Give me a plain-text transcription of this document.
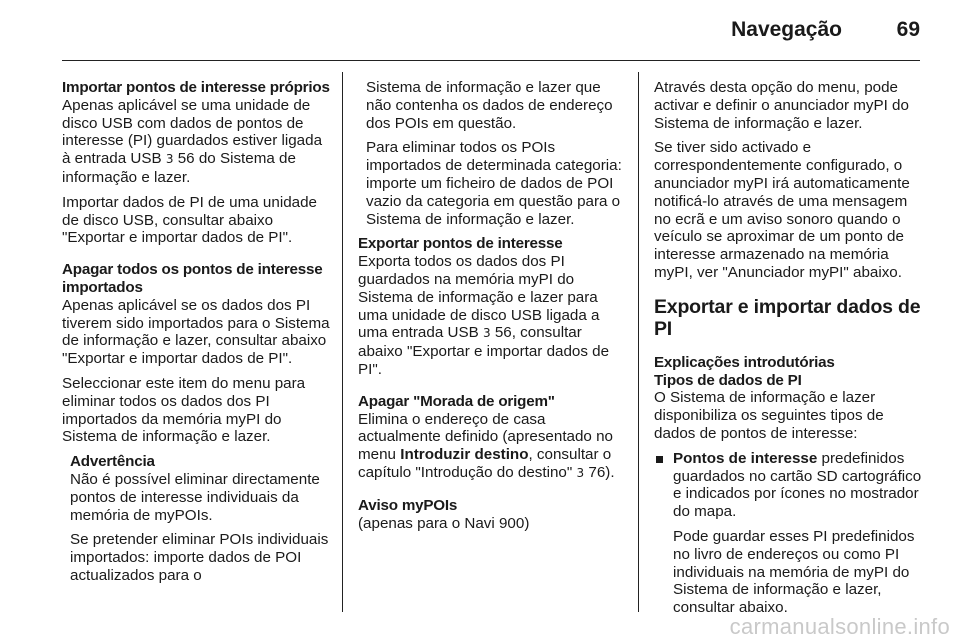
Navegação	69
Importar pontos de interesse próprios
Apenas aplicável se uma unidade de disco USB com dados de pontos de interesse (PI) guardados estiver ligada à entrada USB 3 56 do Sistema de informação e lazer.
Importar dados de PI de uma unidade de disco USB, consultar abaixo "Exportar e importar dados de PI".
Apagar todos os pontos de interesse importados
Apenas aplicável se os dados dos PI tiverem sido importados para o Sistema de informação e lazer, consultar abaixo "Exportar e importar dados de PI".
Seleccionar este item do menu para eliminar todos os dados dos PI importados da memória myPI do Sistema de informação e lazer.
Advertência
Não é possível eliminar directamente pontos de interesse individuais da memória de myPOIs.
Se pretender eliminar POIs individuais importados: importe dados de POI actualizados para o
Sistema de informação e lazer que não contenha os dados de endereço dos POIs em questão.
Para eliminar todos os POIs importados de determinada categoria: importe um ficheiro de dados de POI vazio da categoria em questão para o Sistema de informação e lazer.
Exportar pontos de interesse
Exporta todos os dados dos PI guardados na memória myPI do Sistema de informação e lazer para uma unidade de disco USB ligada a uma entrada USB 3 56, consultar abaixo "Exportar e importar dados de PI".
Apagar "Morada de origem"
Elimina o endereço de casa actualmente definido (apresentado no menu Introduzir destino, consultar o capítulo "Introdução do destino" 3 76).
Aviso myPOIs
(apenas para o Navi 900)
Através desta opção do menu, pode activar e definir o anunciador myPI do Sistema de informação e lazer.
Se tiver sido activado e correspondentemente configurado, o anunciador myPI irá automaticamente notificá-lo através de uma mensagem no ecrã e um aviso sonoro quando o veículo se aproximar de um ponto de interesse armazenado na memória myPI, ver "Anunciador myPI" abaixo.
Exportar e importar dados de PI
Explicações introdutórias
Tipos de dados de PI
O Sistema de informação e lazer disponibiliza os seguintes tipos de dados de pontos de interesse:
Pontos de interesse predefinidos guardados no cartão SD cartográfico e indicados por ícones no mostrador do mapa.
Pode guardar esses PI predefinidos no livro de endereços ou como PI individuais na memória de myPI do Sistema de informação e lazer, consultar abaixo.
carmanualsonline.info
